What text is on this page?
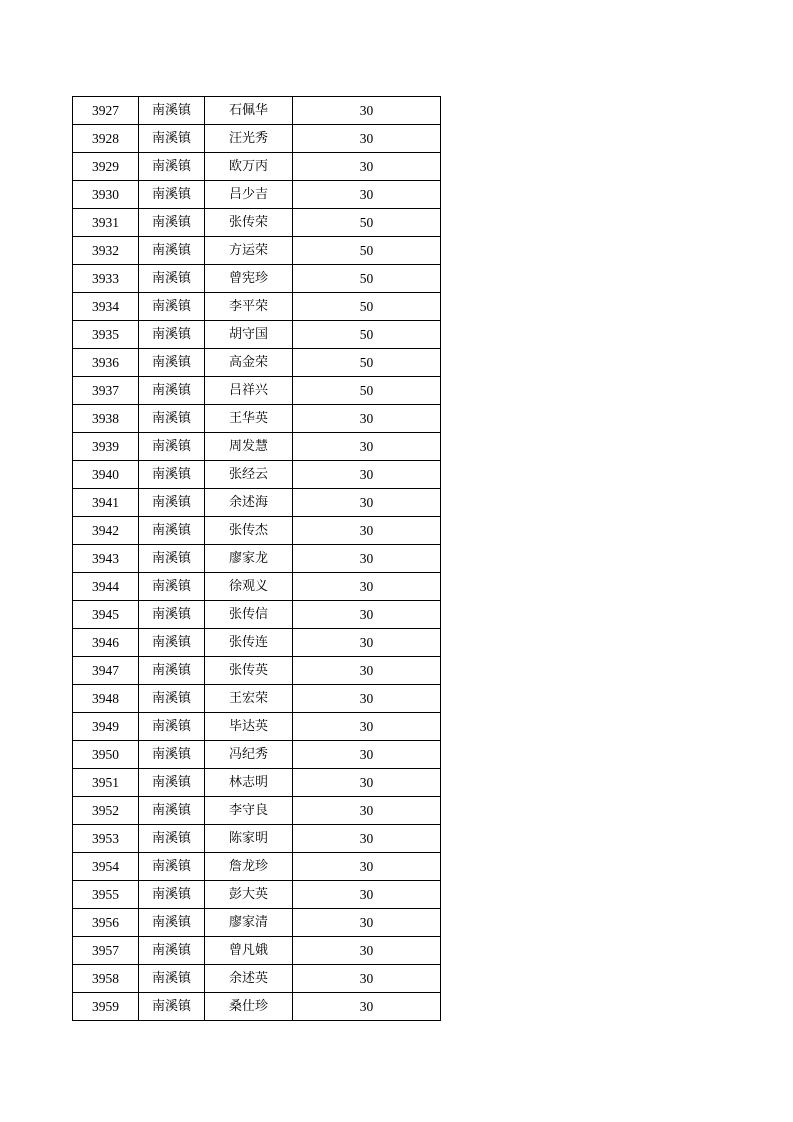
3927	南溪镇	石佩华	30
3928	南溪镇	汪光秀	30
3929	南溪镇	欧万丙	30
3930	南溪镇	吕少吉	30
3931	南溪镇	张传荣	50
3932	南溪镇	方运荣	50
3933	南溪镇	曾宪珍	50
3934	南溪镇	李平荣	50
3935	南溪镇	胡守国	50
3936	南溪镇	高金荣	50
3937	南溪镇	吕祥兴	50
3938	南溪镇	王华英	30
3939	南溪镇	周发慧	30
3940	南溪镇	张经云	30
3941	南溪镇	余述海	30
3942	南溪镇	张传杰	30
3943	南溪镇	廖家龙	30
3944	南溪镇	徐观义	30
3945	南溪镇	张传信	30
3946	南溪镇	张传连	30
3947	南溪镇	张传英	30
3948	南溪镇	王宏荣	30
3949	南溪镇	毕达英	30
3950	南溪镇	冯纪秀	30
3951	南溪镇	林志明	30
3952	南溪镇	李守良	30
3953	南溪镇	陈家明	30
3954	南溪镇	詹龙珍	30
3955	南溪镇	彭大英	30
3956	南溪镇	廖家清	30
3957	南溪镇	曾凡娥	30
3958	南溪镇	余述英	30
3959	南溪镇	桑仕珍	30
